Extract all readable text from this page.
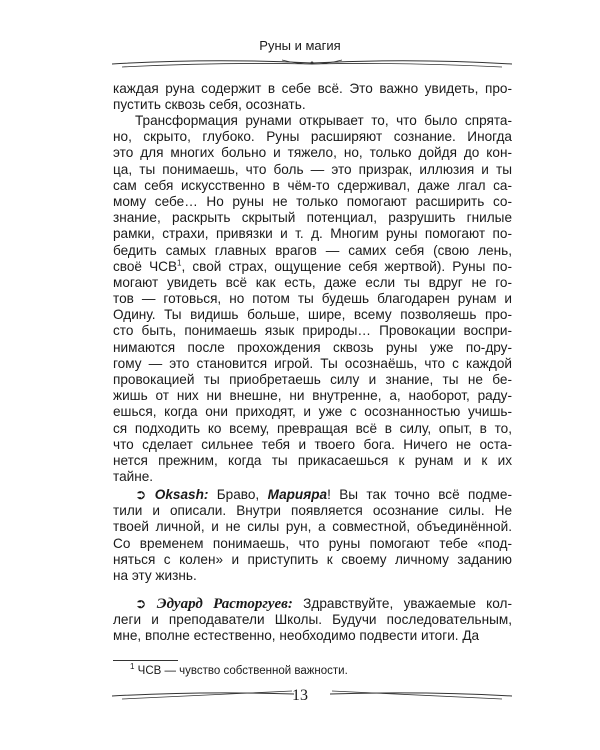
Руны и магия
каждая руна содержит в себе всё. Это важно увидеть, про-
пустить сквозь себя, осознать.
Трансформация рунами открывает то, что было спрята-
но, скрыто, глубоко. Руны расширяют сознание. Иногда
это для многих больно и тяжело, но, только дойдя до кон-
ца, ты понимаешь, что боль — это призрак, иллюзия и ты
сам себя искусственно в чём-то сдерживал, даже лгал са-
мому себе… Но руны не только помогают расширить со-
знание, раскрыть скрытый потенциал, разрушить гнилые
рамки, страхи, привязки и т. д. Многим руны помогают по-
бедить самых главных врагов — самих себя (свою лень,
своё ЧСВ$^1$, свой страх, ощущение себя жертвой). Руны по-
могают увидеть всё как есть, даже если ты вдруг не го-
тов — готовься, но потом ты будешь благодарен рунам и
Одину. Ты видишь больше, шире, всему позволяешь про-
сто быть, понимаешь язык природы… Провокации воспри-
нимаются после прохождения сквозь руны уже по-дру-
гому — это становится игрой. Ты осознаёшь, что с каждой
провокацией ты приобретаешь силу и знание, ты не бе-
жишь от них ни внешне, ни внутренне, а, наоборот, раду-
ешься, когда они приходят, и уже с осознанностью учишь-
ся подходить ко всему, превращая всё в силу, опыт, в то,
что сделает сильнее тебя и твоего бога. Ничего не оста-
нется прежним, когда ты прикасаешься к рунам и к их
тайне.
➲ Oksash: Браво, Марияра! Вы так точно всё подме-
тили и описали. Внутри появляется осознание силы. Не
твоей личной, и не силы рун, а совместной, объединённой.
Со временем понимаешь, что руны помогают тебе «под-
няться с колен» и приступить к своему личному заданию
на эту жизнь.
➲ Эдуард Расторгуев: Здравствуйте, уважаемые кол-
леги и преподаватели Школы. Будучи последовательным,
мне, вполне естественно, необходимо подвести итоги. Да
$^1$ ЧСВ — чувство собственной важности.
13
